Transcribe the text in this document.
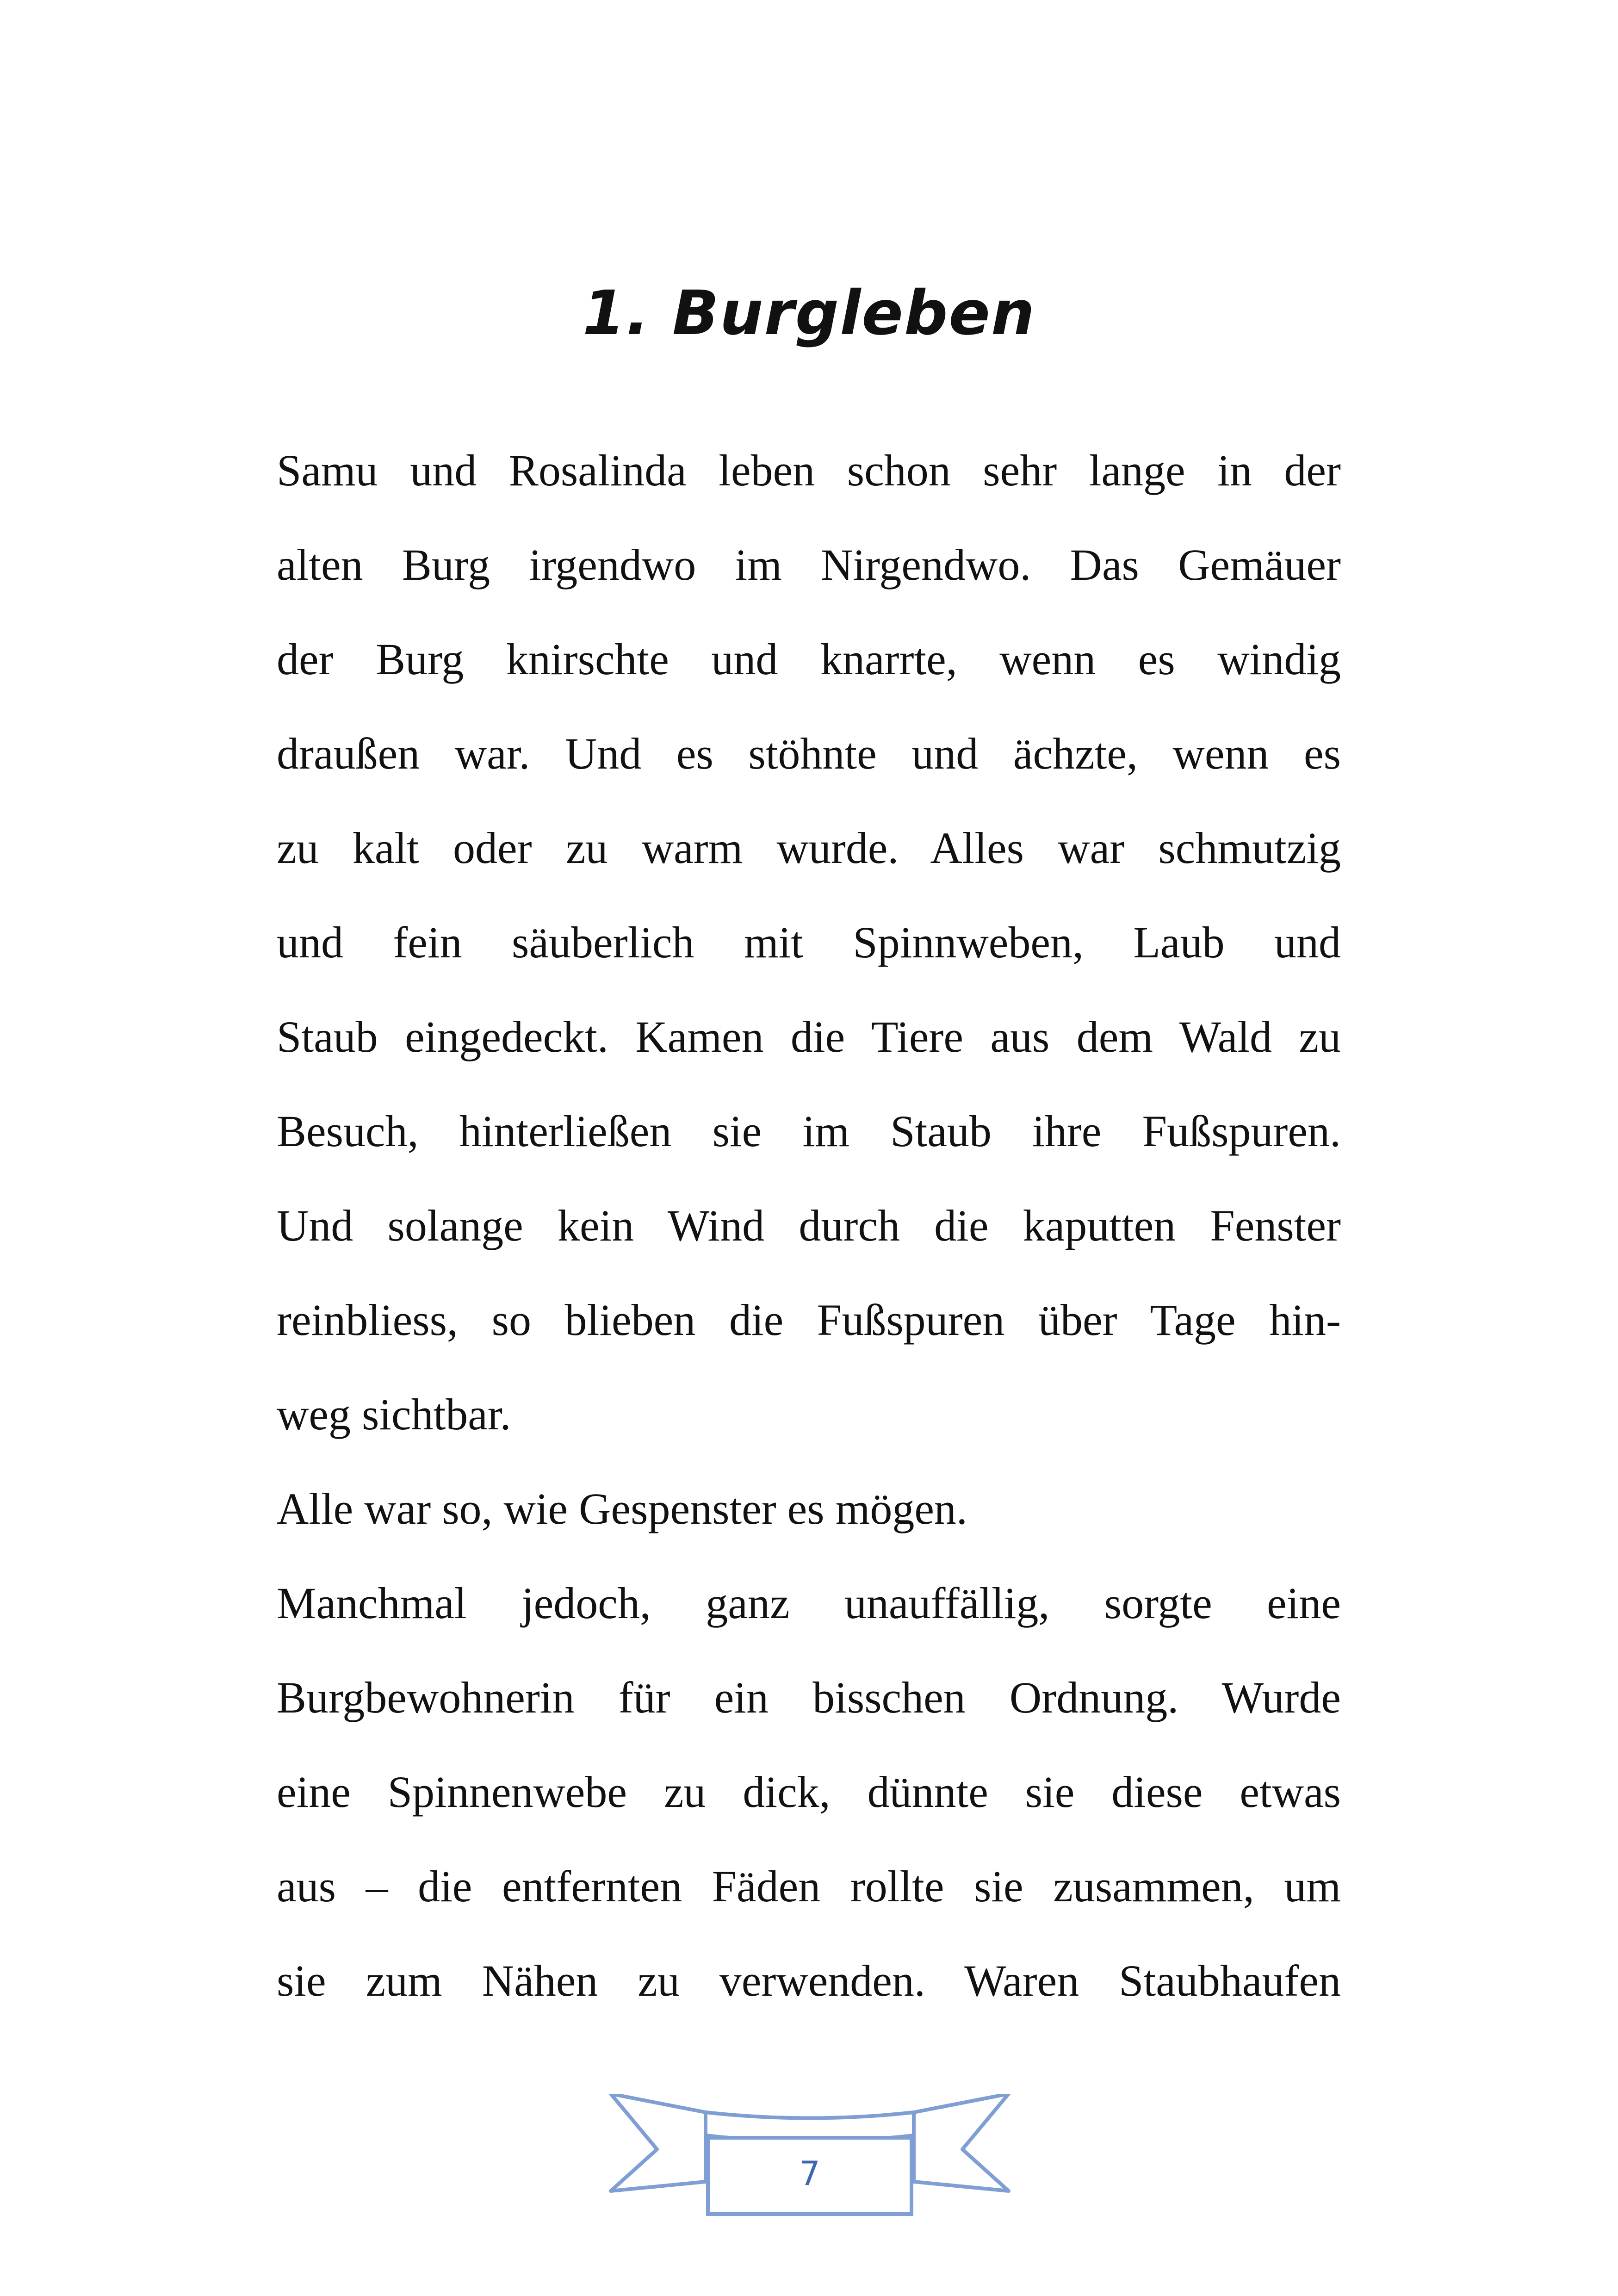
1. Burgleben
Samu und Rosalinda leben schon sehr lange in der
alten Burg irgendwo im Nirgendwo. Das Gemäuer
der Burg knirschte und knarrte, wenn es windig
draußen war. Und es stöhnte und ächzte, wenn es
zu kalt oder zu warm wurde. Alles war schmutzig
und fein säuberlich mit Spinnweben, Laub und
Staub eingedeckt. Kamen die Tiere aus dem Wald zu
Besuch, hinterließen sie im Staub ihre Fußspuren.
Und solange kein Wind durch die kaputten Fenster
reinbliess, so blieben die Fußspuren über Tage hin-
weg sichtbar.
Alle war so, wie Gespenster es mögen.
Manchmal jedoch, ganz unauffällig, sorgte eine
Burgbewohnerin für ein bisschen Ordnung. Wurde
eine Spinnenwebe zu dick, dünnte sie diese etwas
aus – die entfernten Fäden rollte sie zusammen, um
sie zum Nähen zu verwenden. Waren Staubhaufen
7
